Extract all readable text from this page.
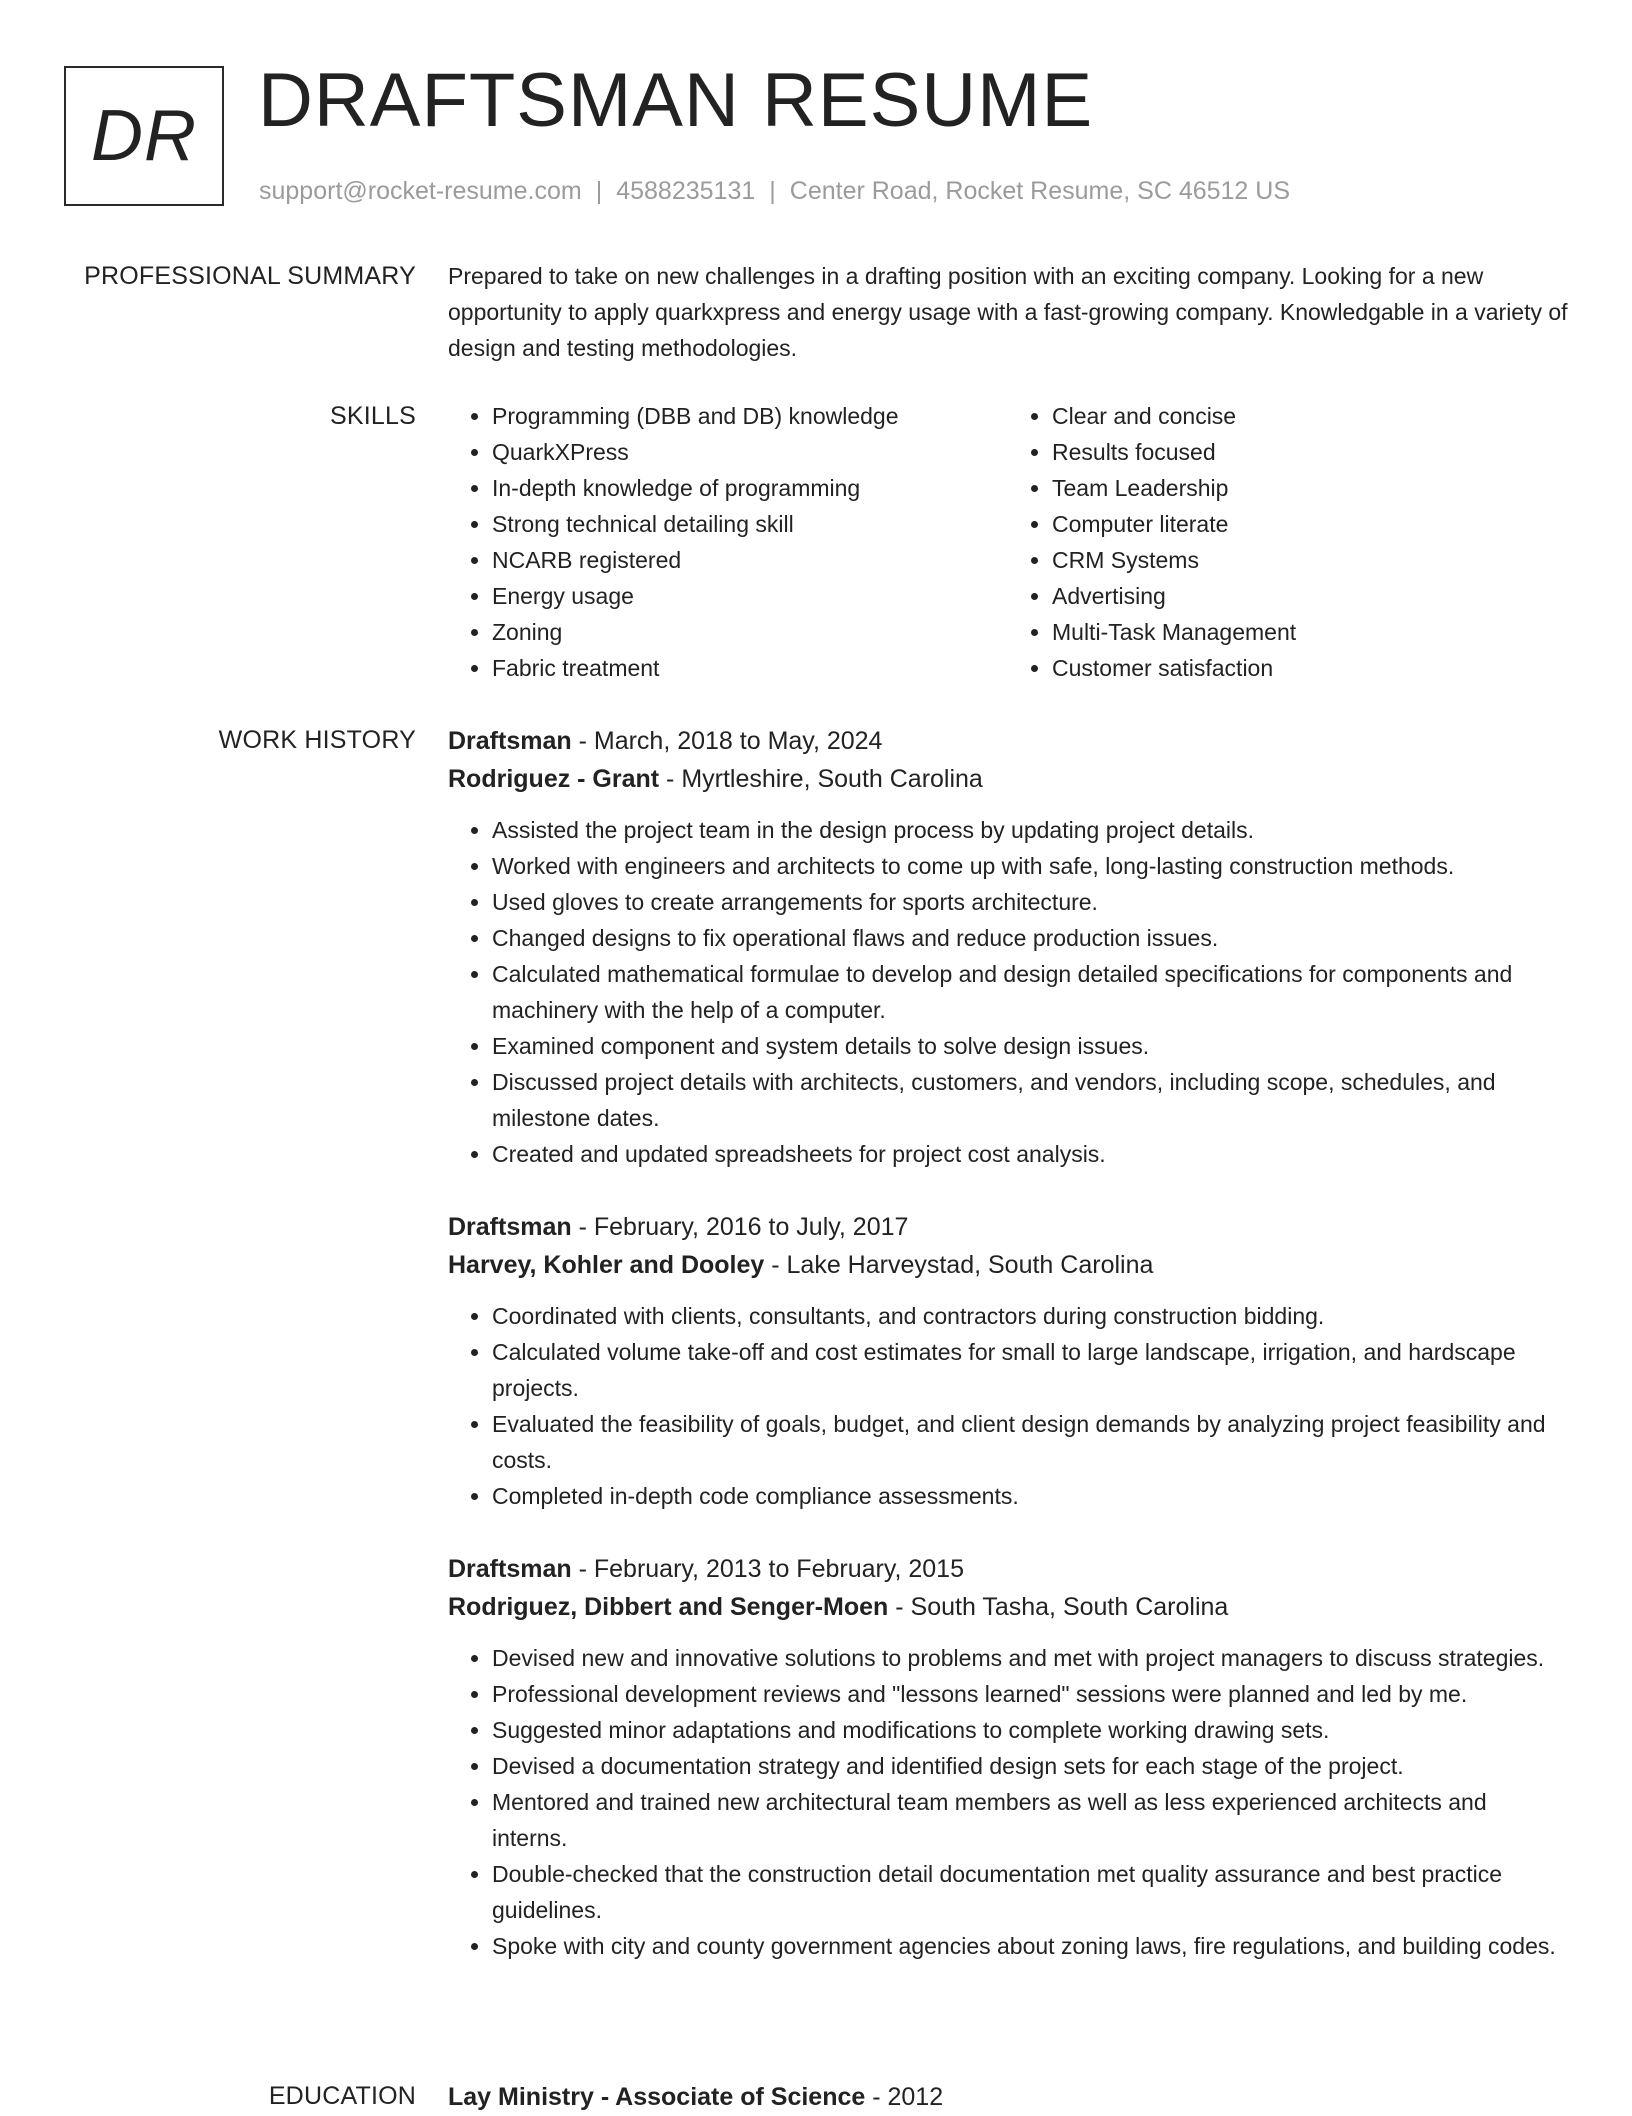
DR DRAFTSMAN RESUME
support@rocket-resume.com | 4588235131 | Center Road, Rocket Resume, SC 46512 US
PROFESSIONAL SUMMARY Prepared to take on new challenges in a drafting position with an exciting company. Looking for a new opportunity to apply quarkxpress and energy usage with a fast-growing company. Knowledgable in a variety of design and testing methodologies.

SKILLS
•	Programming (DBB and DB) knowledge
• QuarkXPress
• In-depth knowledge of programming
• Strong technical detailing skill
• NCARB registered
• Energy usage
• Zoning
• Fabric treatment
• Clear and concise
• Results focused
• Team Leadership
• Computer literate
• CRM Systems
• Advertising
• Multi-Task Management
• Customer satisfaction
WORK HISTORY Draftsman - March, 2018 to May, 2024
Rodriguez - Grant - Myrtleshire, South Carolina
• Assisted the project team in the design process by updating project details.
• Worked with engineers and architects to come up with safe, long-lasting construction methods.
• Used gloves to create arrangements for sports architecture.
• Changed designs to fix operational flaws and reduce production issues.
• Calculated mathematical formulae to develop and design detailed specifications for components and machinery with the help of a computer.
• Examined component and system details to solve design issues.
• Discussed project details with architects, customers, and vendors, including scope, schedules, and milestone dates.
• Created and updated spreadsheets for project cost analysis.
Draftsman - February, 2016 to July, 2017
Harvey, Kohler and Dooley - Lake Harveystad, South Carolina
• Coordinated with clients, consultants, and contractors during construction bidding.
• Calculated volume take-off and cost estimates for small to large landscape, irrigation, and hardscape projects.
• Evaluated the feasibility of goals, budget, and client design demands by analyzing project feasibility and costs.
• Completed in-depth code compliance assessments.
Draftsman - February, 2013 to February, 2015
Rodriguez, Dibbert and Senger-Moen - South Tasha, South Carolina
• Devised new and innovative solutions to problems and met with project managers to discuss strategies.
• Professional development reviews and "lessons learned" sessions were planned and led by me.
• Suggested minor adaptations and modifications to complete working drawing sets.
• Devised a documentation strategy and identified design sets for each stage of the project.
• Mentored and trained new architectural team members as well as less experienced architects and interns.
• Double-checked that the construction detail documentation met quality assurance and best practice guidelines.
• Spoke with city and county government agencies about zoning laws, fire regulations, and building codes.
EDUCATION Lay Ministry - Associate of Science - 2012
